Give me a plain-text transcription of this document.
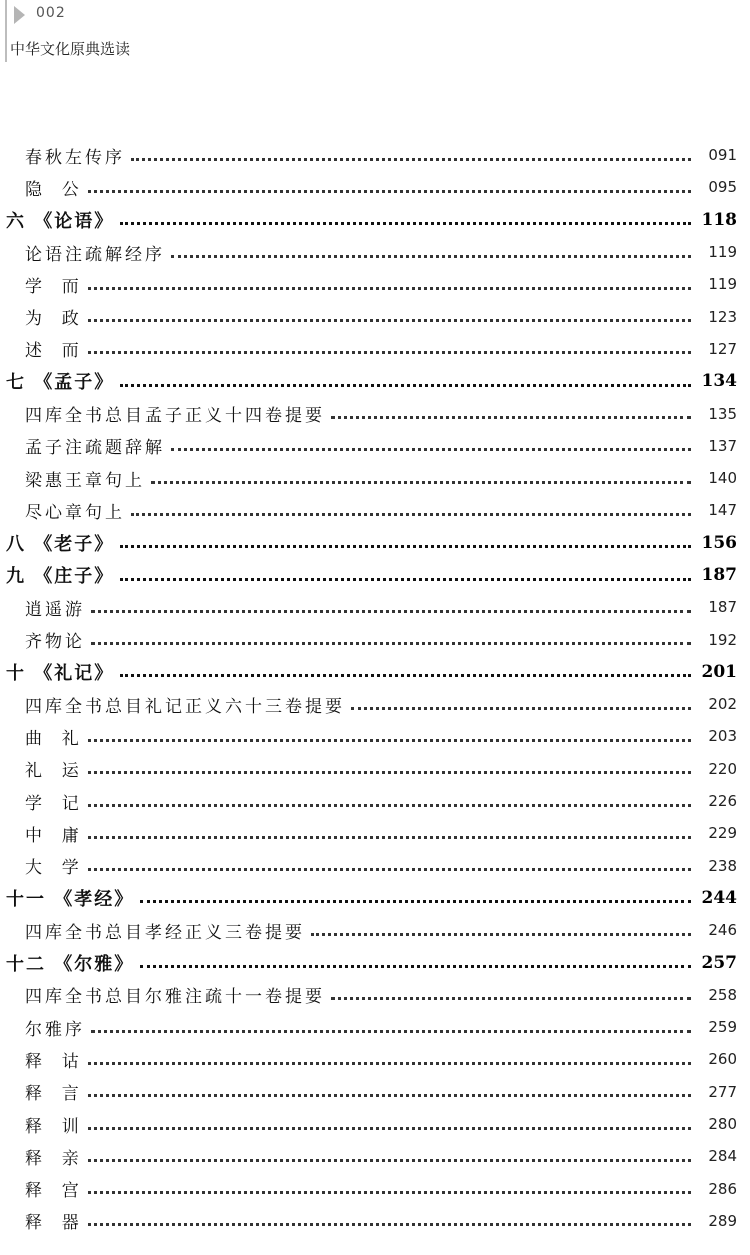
002
中华文化原典选读
春秋左传序	091
隐  公	095
六 《论语》	118
论语注疏解经序	119
学  而	119
为  政	123
述  而	127
七 《孟子》	134
四库全书总目孟子正义十四卷提要	135
孟子注疏题辞解	137
梁惠王章句上	140
尽心章句上	147
八 《老子》	156
九 《庄子》	187
逍遥游	187
齐物论	192
十 《礼记》	201
四库全书总目礼记正义六十三卷提要	202
曲  礼	203
礼  运	220
学  记	226
中  庸	229
大  学	238
十一 《孝经》	244
四库全书总目孝经正义三卷提要	246
十二 《尔雅》	257
四库全书总目尔雅注疏十一卷提要	258
尔雅序	259
释  诂	260
释  言	277
释  训	280
释  亲	284
释  宫	286
释  器	289
